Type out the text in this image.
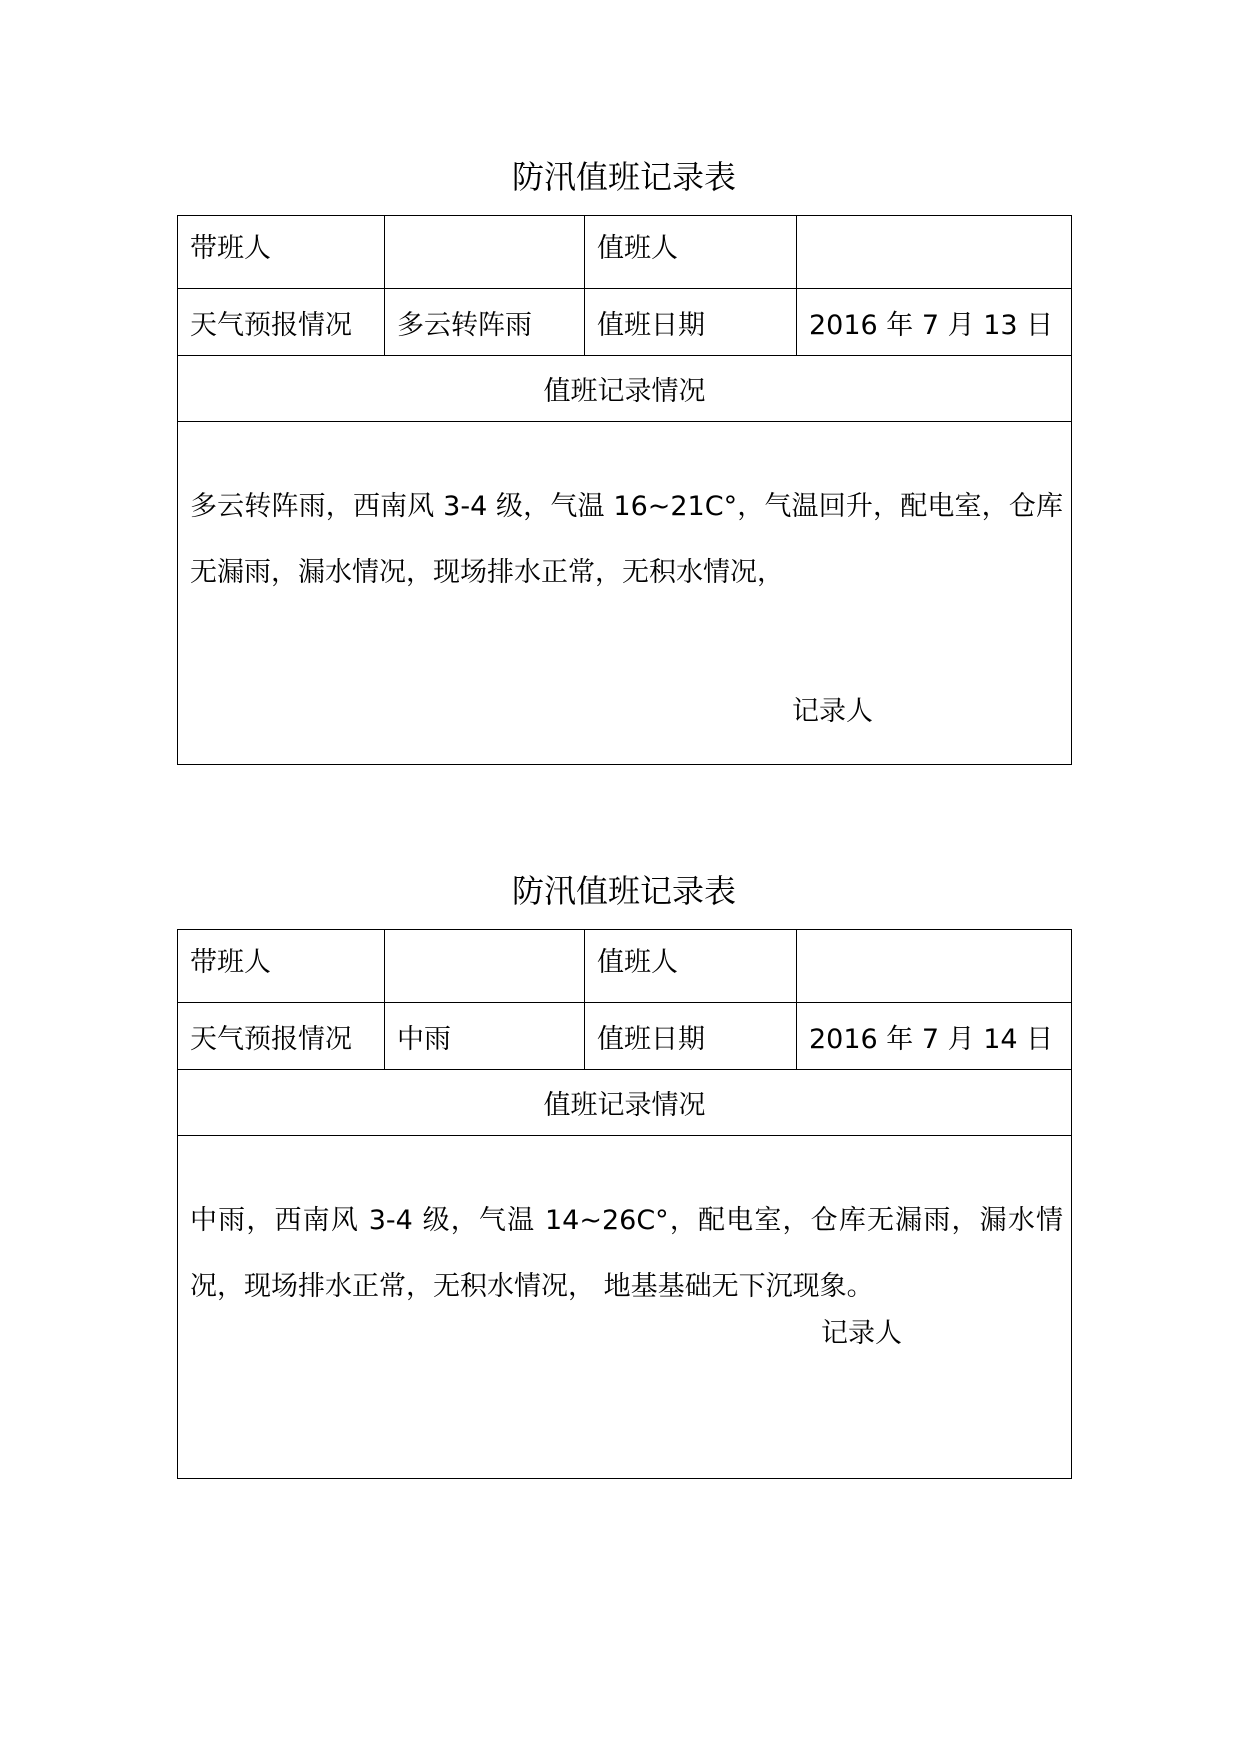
防汛值班记录表
带班人		值班人	
天气预报情况	多云转阵雨	值班日期	2016 年 7 月 13 日
值班记录情况			

多云转阵雨，西南风 3-4 级，气温 16~21C°，气温回升，配电室，仓库无漏雨，漏水情况，现场排水正常，无积水情况，
记录人			
防汛值班记录表
带班人		值班人	
天气预报情况	中雨	值班日期	2016 年 7 月 14 日
值班记录情况			

中雨，西南风 3-4 级，气温 14~26C°，配电室，仓库无漏雨，漏水情况，现场排水正常，无积水情况， 地基基础无下沉现象。
记录人			
